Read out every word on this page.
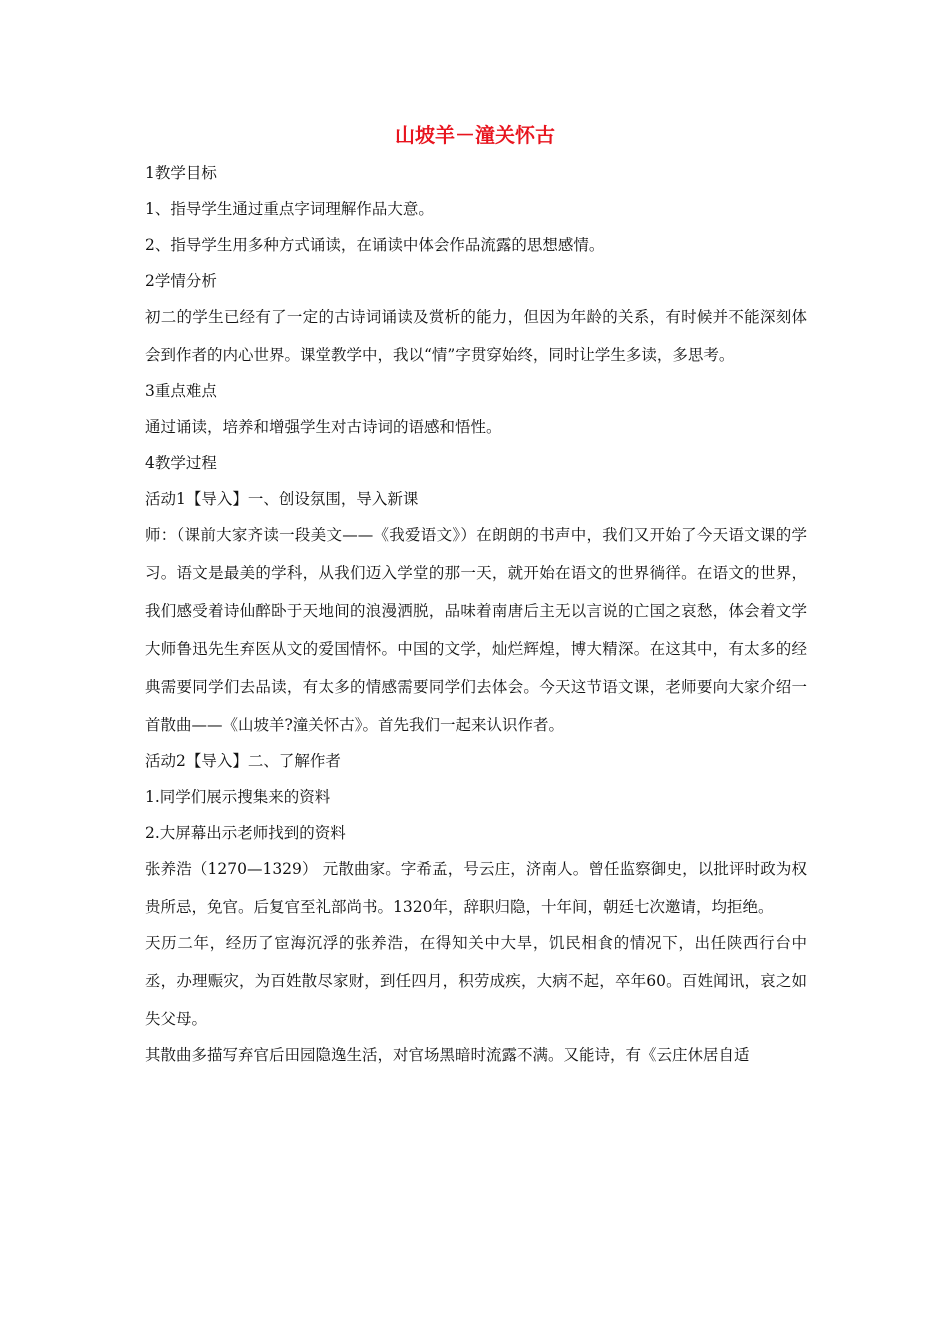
山坡羊－潼关怀古

1教学目标

1、指导学生通过重点字词理解作品大意。

2、指导学生用多种方式诵读，在诵读中体会作品流露的思想感情。

2学情分析

初二的学生已经有了一定的古诗词诵读及赏析的能力，但因为年龄的关系，有时候并不能深刻体会到作者的内心世界。课堂教学中，我以“情”字贯穿始终，同时让学生多读，多思考。

3重点难点

通过诵读，培养和增强学生对古诗词的语感和悟性。

4教学过程

活动1【导入】一、创设氛围，导入新课

师：（课前大家齐读一段美文——《我爱语文》）在朗朗的书声中，我们又开始了今天语文课的学习。语文是最美的学科，从我们迈入学堂的那一天，就开始在语文的世界徜徉。在语文的世界，我们感受着诗仙醉卧于天地间的浪漫洒脱，品味着南唐后主无以言说的亡国之哀愁，体会着文学大师鲁迅先生弃医从文的爱国情怀。中国的文学，灿烂辉煌，博大精深。在这其中，有太多的经典需要同学们去品读，有太多的情感需要同学们去体会。今天这节语文课，老师要向大家介绍一首散曲——《山坡羊?潼关怀古》。首先我们一起来认识作者。

活动2【导入】二、了解作者

1.同学们展示搜集来的资料

2.大屏幕出示老师找到的资料

张养浩（1270—1329） 元散曲家。字希孟，号云庄，济南人。曾任监察御史，以批评时政为权贵所忌，免官。后复官至礼部尚书。1320年，辞职归隐，十年间，朝廷七次邀请，均拒绝。

天历二年，经历了宦海沉浮的张养浩，在得知关中大旱，饥民相食的情况下，出任陕西行台中丞，办理赈灾，为百姓散尽家财，到任四月，积劳成疾，大病不起，卒年60。百姓闻讯，哀之如失父母。

其散曲多描写弃官后田园隐逸生活，对官场黑暗时流露不满。又能诗，有《云庄休居自适
